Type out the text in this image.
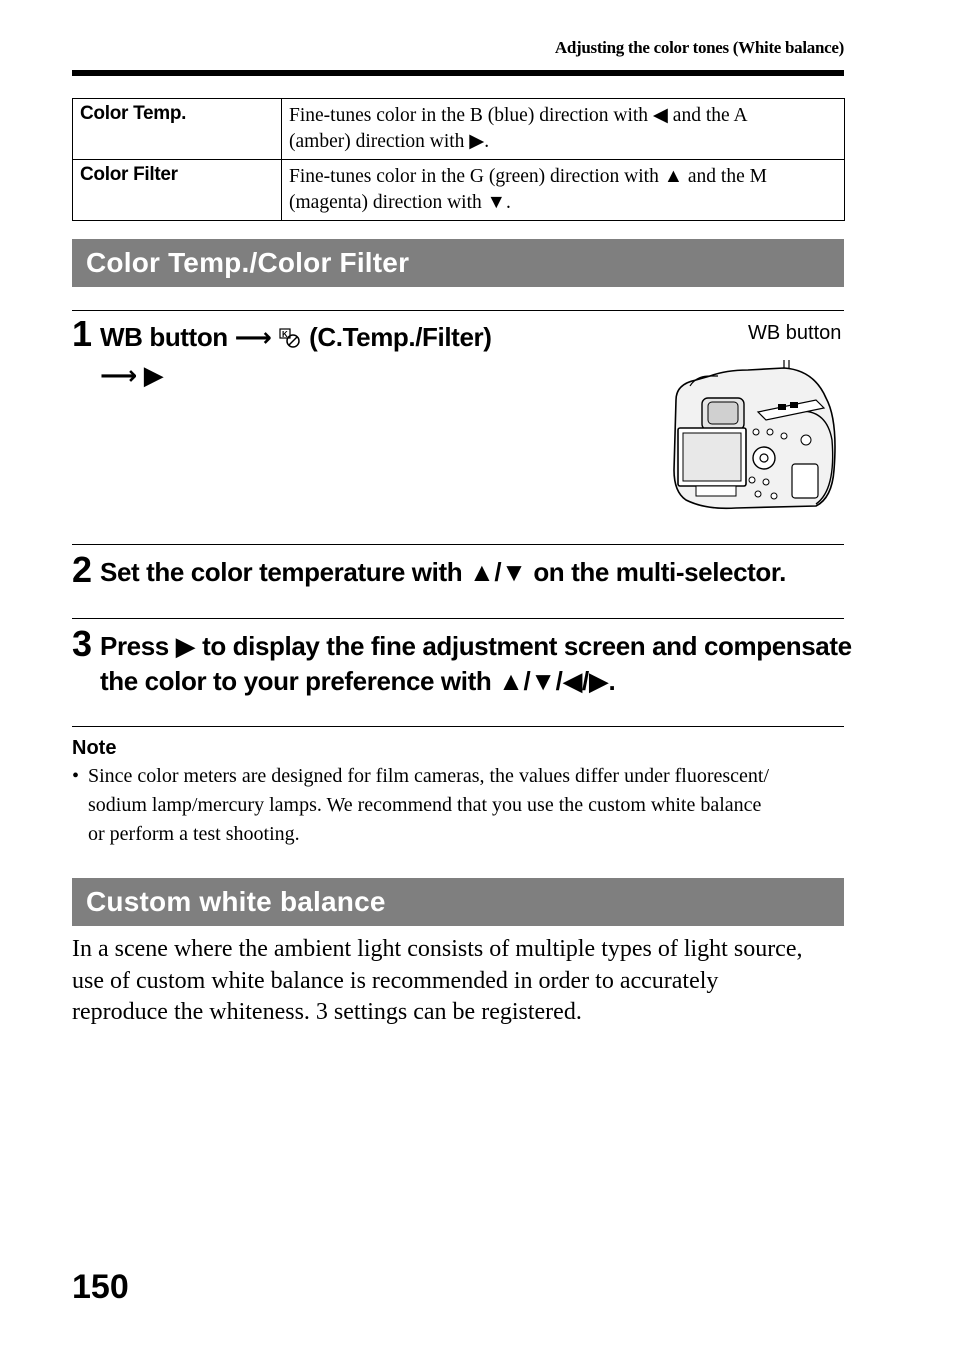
Adjusting the color tones (White balance)
Color Temp.	Fine-tunes color in the B (blue) direction with ◀ and the A
(amber) direction with ▶.

Color Filter	Fine-tunes color in the G (green) direction with ▲ and the M
(magenta) direction with ▼.
Color Temp./Color Filter
1 WB button ⟶ K (C.Temp./Filter)
⟶ ▶
WB button
2 Set the color temperature with ▲/▼ on the multi-selector.
3 Press ▶ to display the fine adjustment screen and compensate
the color to your preference with ▲/▼/◀/▶.
Note
• Since color meters are designed for film cameras, the values differ under fluorescent/
sodium lamp/mercury lamps. We recommend that you use the custom white balance
or perform a test shooting.
Custom white balance
In a scene where the ambient light consists of multiple types of light source,
use of custom white balance is recommended in order to accurately
reproduce the whiteness. 3 settings can be registered.
150
